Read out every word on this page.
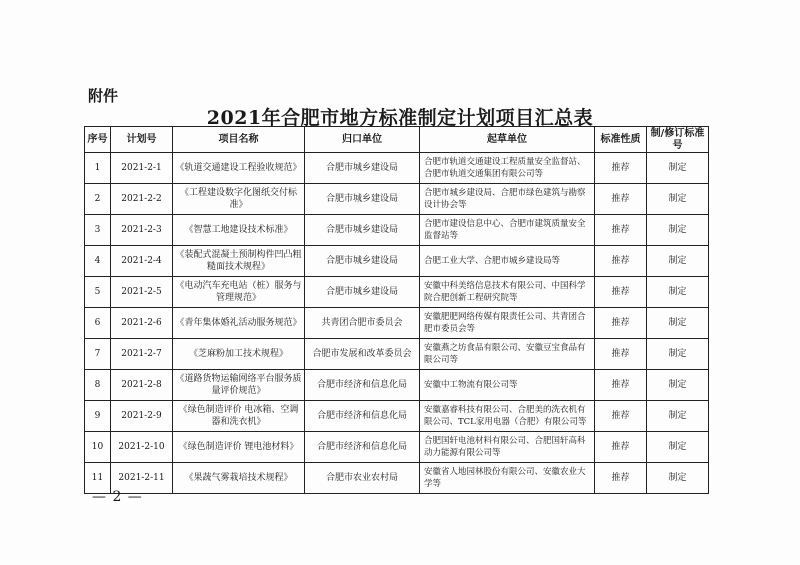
附件
2021年合肥市地方标准制定计划项目汇总表
序号	计划号	项目名称	归口单位	起草单位	标准性质	制/修订标准号
1	2021-2-1	《轨道交通建设工程验收规范》	合肥市城乡建设局	合肥市轨道交通建设工程质量安全监督站、合肥市轨道交通集团有限公司等	推荐	制定
2	2021-2-2	《工程建设数字化图纸交付标准》	合肥市城乡建设局	合肥市城乡建设局、合肥市绿色建筑与勘察设计协会等	推荐	制定
3	2021-2-3	《智慧工地建设技术标准》	合肥市城乡建设局	合肥市建设信息中心、合肥市建筑质量安全监督站等	推荐	制定
4	2021-2-4	《装配式混凝土预制构件凹凸粗糙面技术规程》	合肥市城乡建设局	合肥工业大学、合肥市城乡建设局等	推荐	制定
5	2021-2-5	《电动汽车充电站（桩）服务与管理规范》	合肥市城乡建设局	安徽中科美络信息技术有限公司、中国科学院合肥创新工程研究院等	推荐	制定
6	2021-2-6	《青年集体婚礼活动服务规范》	共青团合肥市委员会	安徽肥肥网络传媒有限责任公司、共青团合肥市委员会等	推荐	制定
7	2021-2-7	《芝麻粉加工技术规程》	合肥市发展和改革委员会	安徽燕之坊食品有限公司、安徽豆宝食品有限公司等	推荐	制定
8	2021-2-8	《道路货物运输网络平台服务质量评价规范》	合肥市经济和信息化局	安徽中工物流有限公司等	推荐	制定
9	2021-2-9	《绿色制造评价 电冰箱、空调器和洗衣机》	合肥市经济和信息化局	安徽嘉睿科技有限公司、合肥美的洗衣机有限公司、TCL家用电器（合肥）有限公司等	推荐	制定
10	2021-2-10	《绿色制造评价 锂电池材料》	合肥市经济和信息化局	合肥国轩电池材料有限公司、合肥国轩高科动力能源有限公司等	推荐	制定
11	2021-2-11	《果蔬气雾栽培技术规程》	合肥市农业农村局	安徽省人地园林股份有限公司、安徽农业大学等	推荐	制定
— 2 —
